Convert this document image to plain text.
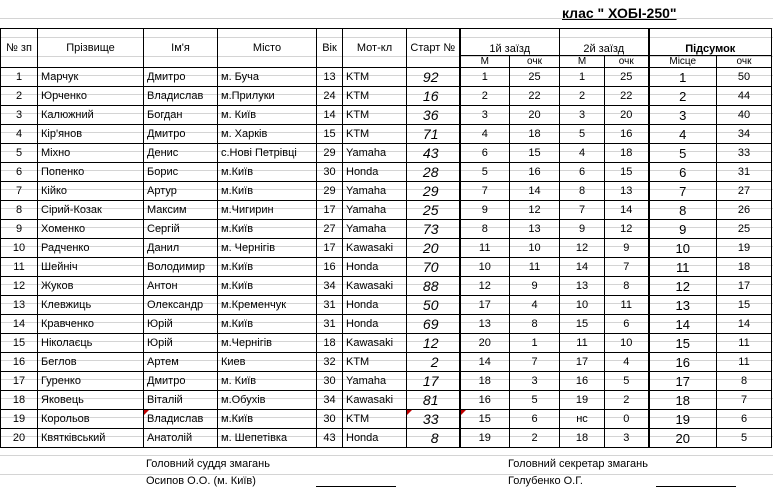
клас " ХОБІ-250"
№ зп	Прізвище	Ім'я	Місто	Вік	Мот-кл	Старт №	1й заїзд		2й заїзд		Підсумок	
							М	очк	М	очк	Місце	очк
1	Марчук	Дмитро	м. Буча	13	KTM	92	1	25	1	25	1	50
2	Юрченко	Владислав	м.Прилуки	24	KTM	16	2	22	2	22	2	44
3	Калюжний	Богдан	м. Київ	14	KTM	36	3	20	3	20	3	40
4	Кір'янов	Дмитро	м. Харків	15	KTM	71	4	18	5	16	4	34
5	Міхно	Денис	с.Нові Петрівці	29	Yamaha	43	6	15	4	18	5	33
6	Попенко	Борис	м.Київ	30	Honda	28	5	16	6	15	6	31
7	Кійко	Артур	м.Київ	29	Yamaha	29	7	14	8	13	7	27
8	Сірий-Козак	Максим	м.Чигирин	17	Yamaha	25	9	12	7	14	8	26
9	Хоменко	Сергій	м.Київ	27	Yamaha	73	8	13	9	12	9	25
10	Радченко	Данил	м. Чернігів	17	Kawasaki	20	11	10	12	9	10	19
11	Шейніч	Володимир	м.Київ	16	Honda	70	10	11	14	7	11	18
12	Жуков	Антон	м.Київ	34	Kawasaki	88	12	9	13	8	12	17
13	Клевжиць	Олександр	м.Кременчук	31	Honda	50	17	4	10	11	13	15
14	Кравченко	Юрій	м.Київ	31	Honda	69	13	8	15	6	14	14
15	Ніколаєць	Юрій	м.Чернігів	18	Kawasaki	12	20	1	11	10	15	11
16	Беглов	Артем	Киев	32	KTM	2	14	7	17	4	16	11
17	Гуренко	Дмитро	м. Київ	30	Yamaha	17	18	3	16	5	17	8
18	Яковець	Віталій	м.Обухів	34	Kawasaki	81	16	5	19	2	18	7
19	Корольов	Владислав	м.Київ	30	KTM	33	15	6	нс	0	19	6
20	Квятківський	Анатолій	м. Шепетівка	43	Honda	8	19	2	18	3	20	5
Головний суддя змагань
Осипов О.О. (м. Київ)
Головний секретар змагань
Голубенко О.Г.
